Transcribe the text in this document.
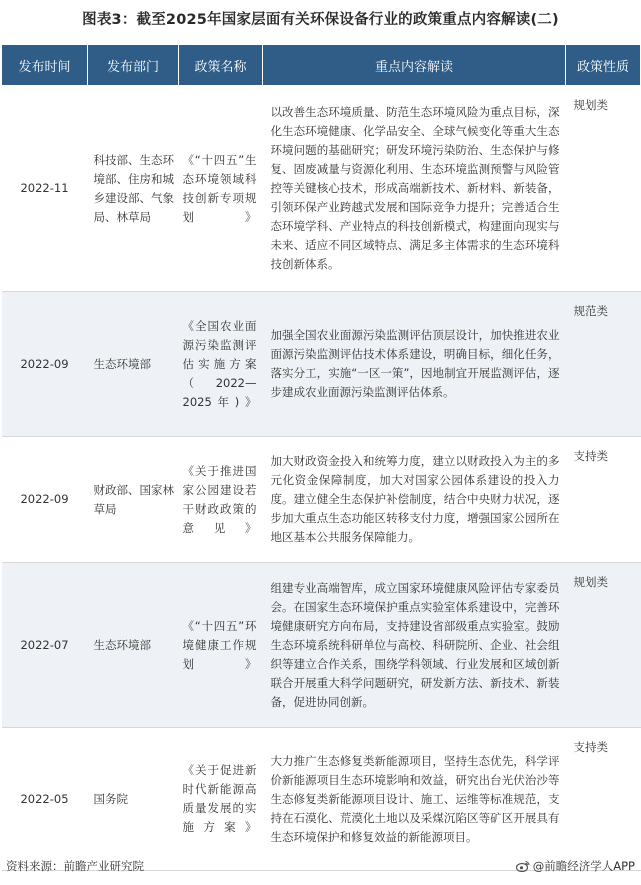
图表3：截至2025年国家层面有关环保设备行业的政策重点内容解读(二)
发布时间	发布部门	政策名称	重点内容解读	政策性质
2022-11	科技部、生态环境部、住房和城乡建设部、气象局、林草局	《“十四五”生态环境领域科技创新专项规划》	以改善生态环境质量、防范生态环境风险为重点目标，深化生态环境健康、化学品安全、全球气候变化等重大生态环境问题的基础研究；研发环境污染防治、生态保护与修复、固废减量与资源化利用、生态环境监测预警与风险管控等关键核心技术，形成高端新技术、新材料、新装备，引领环保产业跨越式发展和国际竞争力提升；完善适合生态环境学科、产业特点的科技创新模式，构建面向现实与未来、适应不同区域特点、满足多主体需求的生态环境科技创新体系。	规划类
2022-09	生态环境部	《全国农业面源污染监测评估实施方案（2022—2025年)》	加强全国农业面源污染监测评估顶层设计，加快推进农业面源污染监测评估技术体系建设，明确目标，细化任务，落实分工，实施“一区一策”，因地制宜开展监测评估，逐步建成农业面源污染监测评估体系。	规范类
2022-09	财政部、国家林草局	《关于推进国家公园建设若干财政政策的意见》	加大财政资金投入和统筹力度，建立以财政投入为主的多元化资金保障制度，加大对国家公园体系建设的投入力度。建立健全生态保护补偿制度，结合中央财力状况，逐步加大重点生态功能区转移支付力度，增强国家公园所在地区基本公共服务保障能力。	支持类
2022-07	生态环境部	《“十四五”环境健康工作规划》	组建专业高端智库，成立国家环境健康风险评估专家委员会。在国家生态环境保护重点实验室体系建设中，完善环境健康研究方向布局，支持建设省部级重点实验室。鼓励生态环境系统科研单位与高校、科研院所、企业、社会组织等建立合作关系，围绕学科领域、行业发展和区域创新联合开展重大科学问题研究，研发新方法、新技术、新装备，促进协同创新。	规划类
2022-05	国务院	《关于促进新时代新能源高质量发展的实施方案》	大力推广生态修复类新能源项目，坚持生态优先，科学评价新能源项目生态环境影响和效益，研究出台光伏治沙等生态修复类新能源项目设计、施工、运维等标准规范，支持在石漠化、荒漠化土地以及采煤沉陷区等矿区开展具有生态环境保护和修复效益的新能源项目。	支持类
资料来源：前瞻产业研究院	@前瞻经济学人APP
